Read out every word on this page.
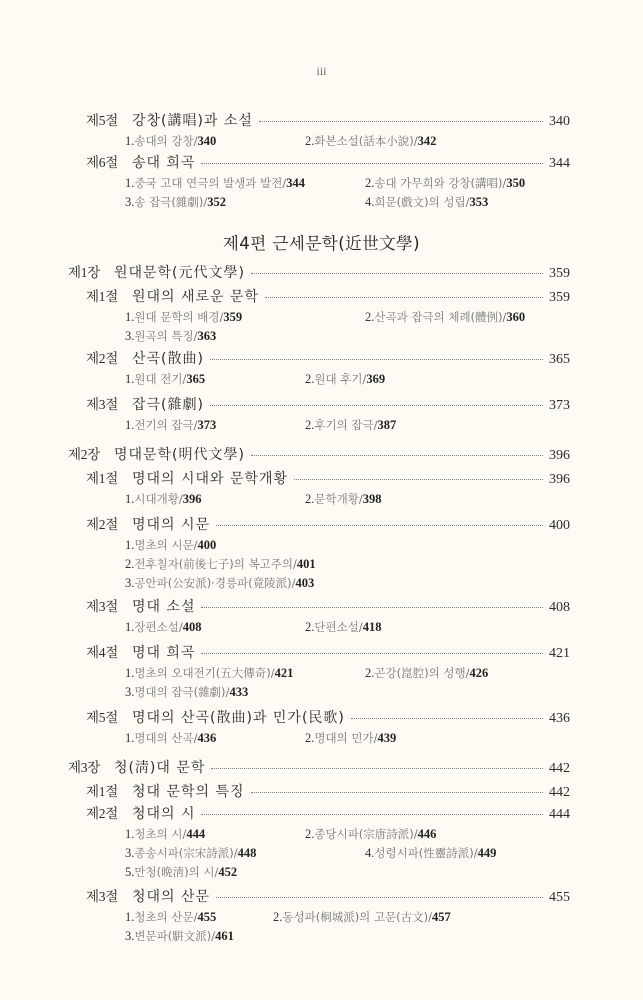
iii
제4편 근세문학(近世文學)
제5절 강창(講唱)과 소설	340
1. 송대의 강창 / 340	2. 화본소설(話本小說) / 342
제6절 송대 희곡	344
1. 중국 고대 연극의 발생과 발전 / 344	2. 송대 가무희와 강창(講唱) / 350
3. 송 잡극(雜劇) / 352	4. 희문(戲文)의 성립 / 353
제1장 원대문학(元代文學)	359
제1절 원대의 새로운 문학	359
1. 원대 문학의 배경 / 359	2. 산곡과 잡극의 체례(體例) / 360
3. 원곡의 특징 / 363
제2절 산곡(散曲)	365
1. 원대 전기 / 365	2. 원대 후기 / 369
제3절 잡극(雜劇)	373
1. 전기의 잡극 / 373	2. 후기의 잡극 / 387
제2장 명대문학(明代文學)	396
제1절 명대의 시대와 문학개황	396
1. 시대개황 / 396	2. 문학개황 / 398
제2절 명대의 시문	400
1. 명초의 시문 / 400
2. 전후칠자(前後七子)의 복고주의 / 401
3. 공안파(公安派)·경릉파(竟陵派) / 403
제3절 명대 소설	408
1. 장편소설 / 408	2. 단편소설 / 418
제4절 명대 희곡	421
1. 명초의 오대전기(五大傳奇) / 421	2. 곤강(崑腔)의 성행 / 426
3. 명대의 잡극(雜劇) / 433
제5절 명대의 산곡(散曲)과 민가(民歌)	436
1. 명대의 산곡 / 436	2. 명대의 민가 / 439
제3장 청(淸)대 문학	442
제1절 청대 문학의 특징	442
제2절 청대의 시	444
1. 청초의 시 / 444	2. 종당시파(宗唐詩派) / 446
3. 종송시파(宗宋詩派) / 448	4. 성령시파(性靈詩派) / 449
5. 만청(晩淸)의 시 / 452
제3절 청대의 산문	455
1. 청초의 산문 / 455	2. 동성파(桐城派)의 고문(古文) / 457
3. 변문파(騈文派) / 461
